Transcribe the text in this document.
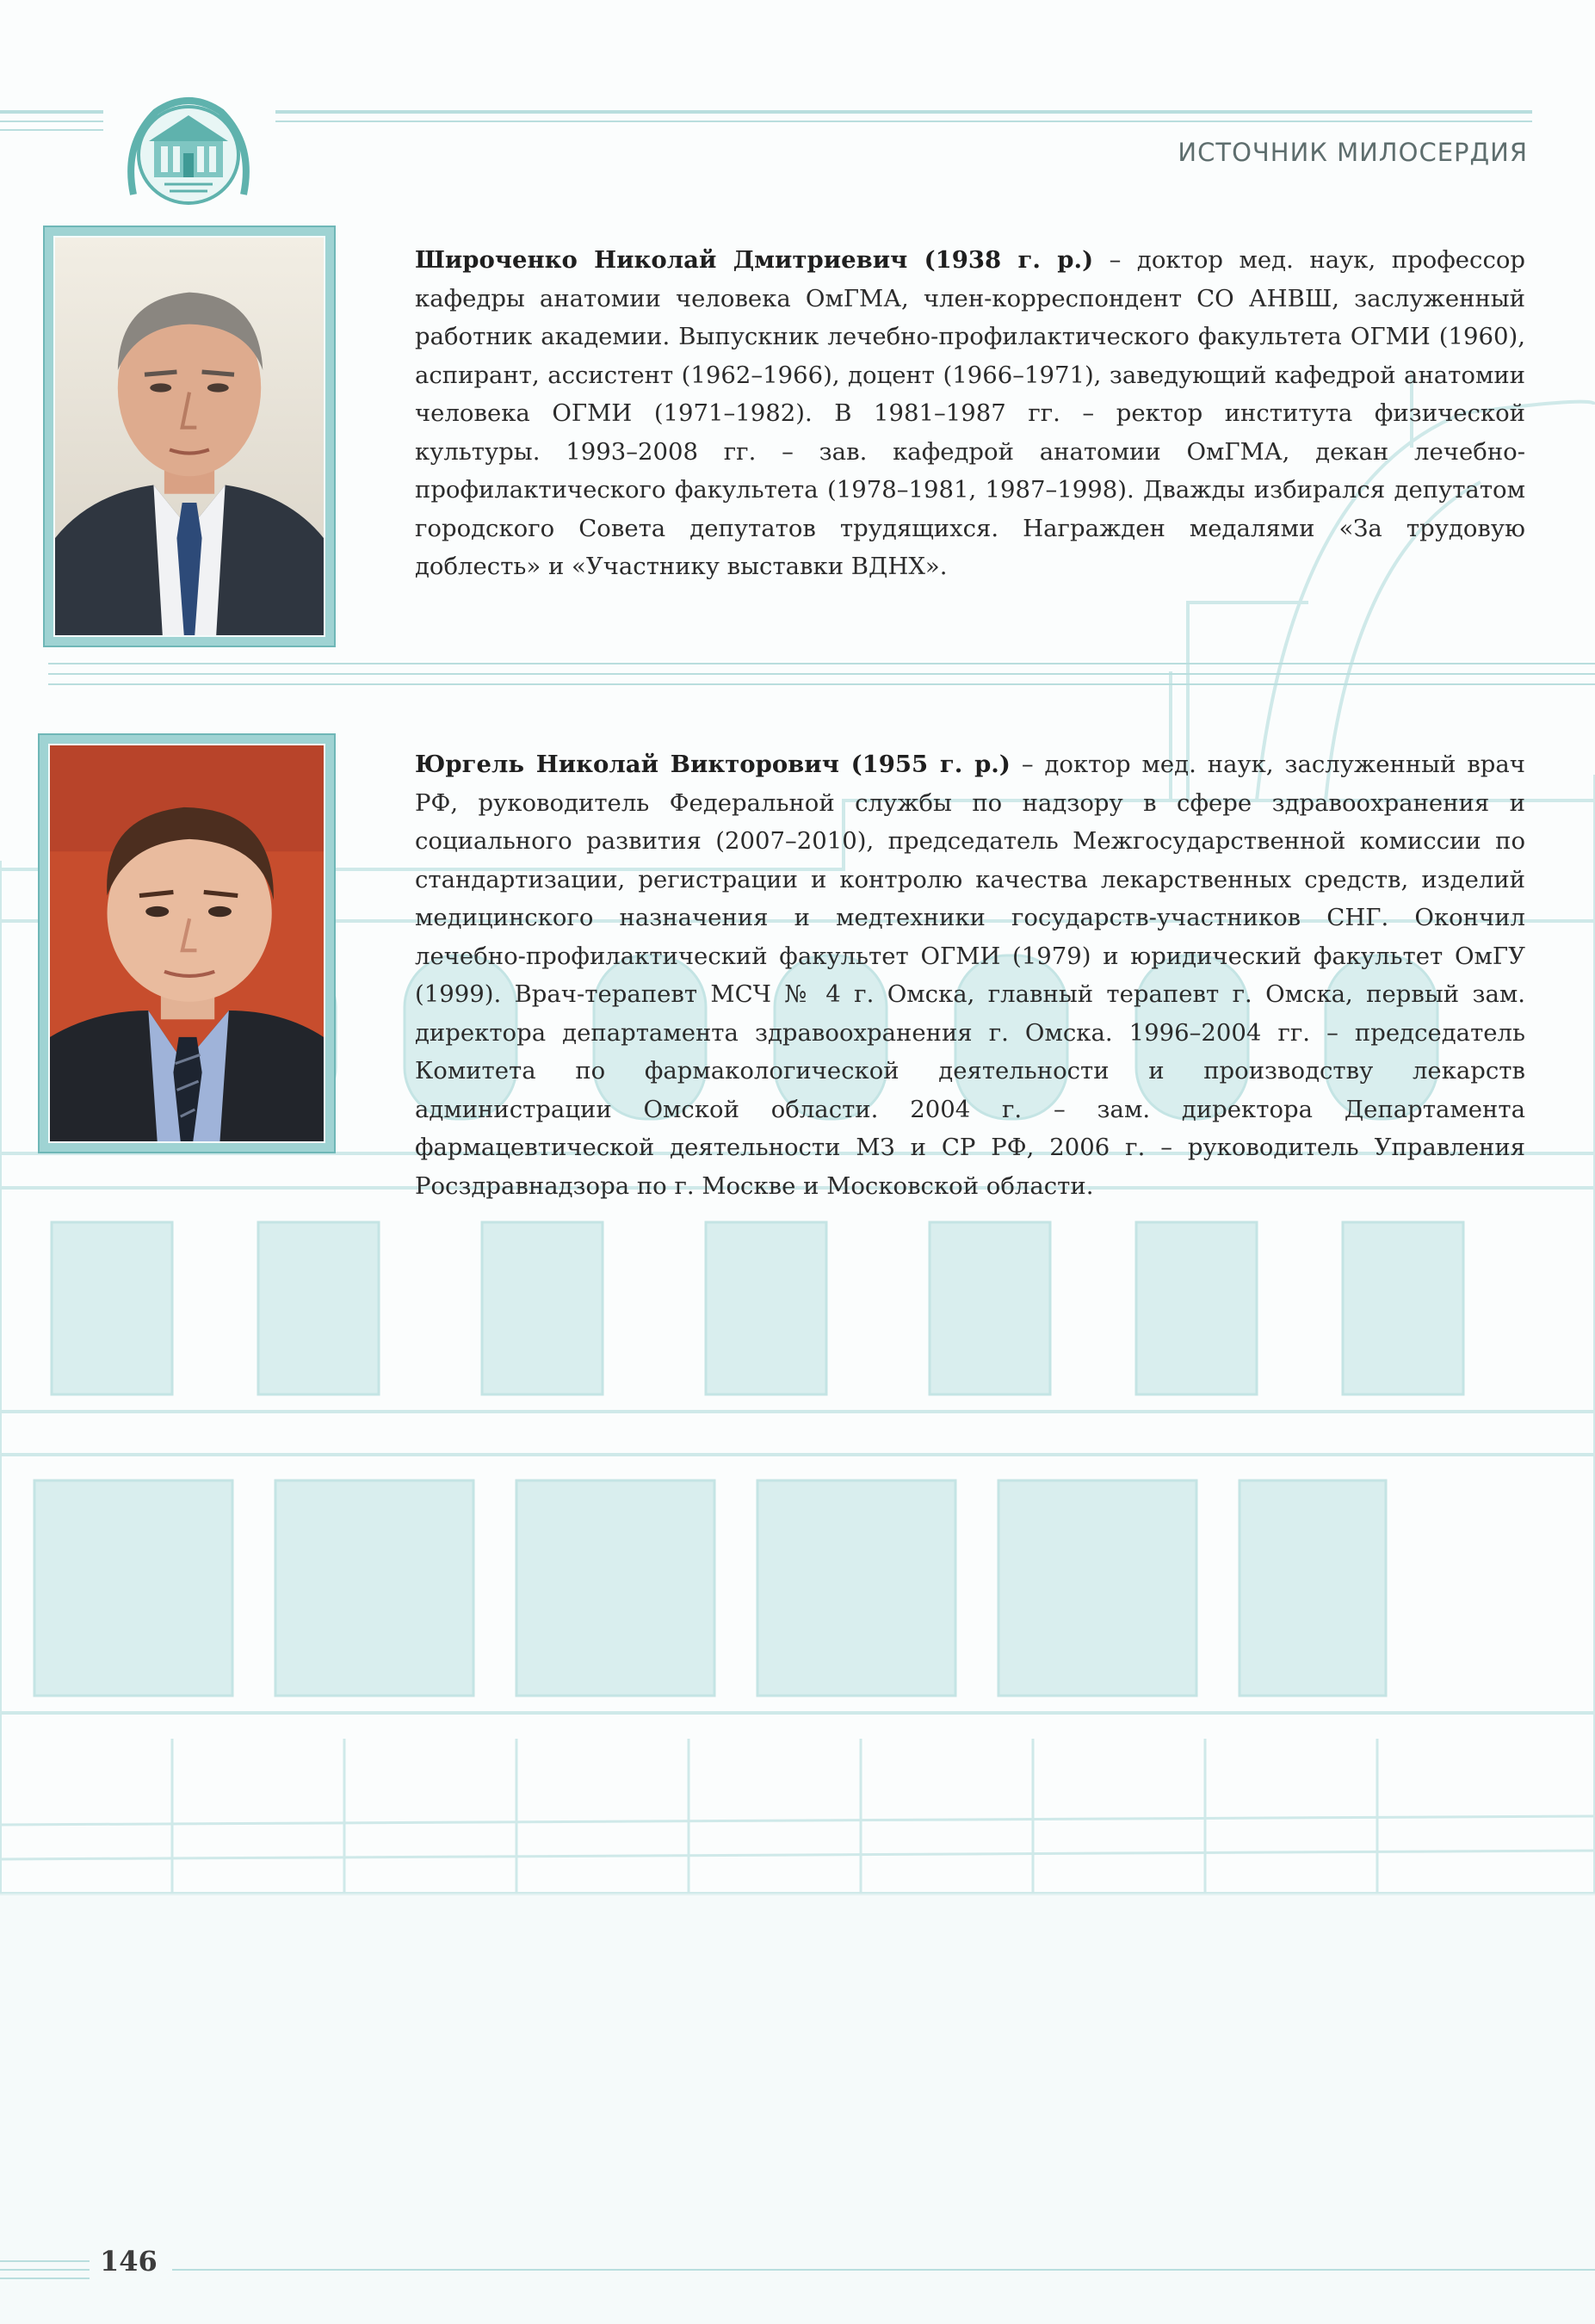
ИСТОЧНИК МИЛОСЕРДИЯ
Широченко Николай Дмитриевич (1938 г. р.) – доктор мед. наук, профессор кафедры анатомии человека ОмГМА, член-корреспондент СО АНВШ, заслуженный работник академии. Выпускник лечебно-профилактического факультета ОГМИ (1960), аспирант, ассистент (1962–1966), доцент (1966–1971), заведующий кафедрой анатомии человека ОГМИ (1971–1982). В 1981–1987 гг. – ректор института физической культуры. 1993–2008 гг. – зав. кафедрой анатомии ОмГМА, декан лечебно-профилактического факультета (1978–1981, 1987–1998). Дважды избирался депутатом городского Совета депутатов трудящихся. Награжден медалями «За трудовую доблесть» и «Участнику выставки ВДНХ».
Юргель Николай Викторович (1955 г. р.) – доктор мед. наук, заслуженный врач РФ, руководитель Федеральной службы по надзору в сфере здравоохранения и социального развития (2007–2010), председатель Межгосударственной комиссии по стандартизации, регистрации и контролю качества лекарственных средств, изделий медицинского назначения и медтехники государств-участников СНГ. Окончил лечебно-профилактический факультет ОГМИ (1979) и юридический факультет ОмГУ (1999). Врач-терапевт МСЧ № 4 г. Омска, главный терапевт г. Омска, первый зам. директора департамента здравоохранения г. Омска. 1996–2004 гг. – председатель Комитета по фармакологической деятельности и производству лекарств администрации Омской области. 2004 г. – зам. директора Департамента фармацевтической деятельности МЗ и СР РФ, 2006 г. – руководитель Управления Росздравнадзора по г. Москве и Московской области.
146
